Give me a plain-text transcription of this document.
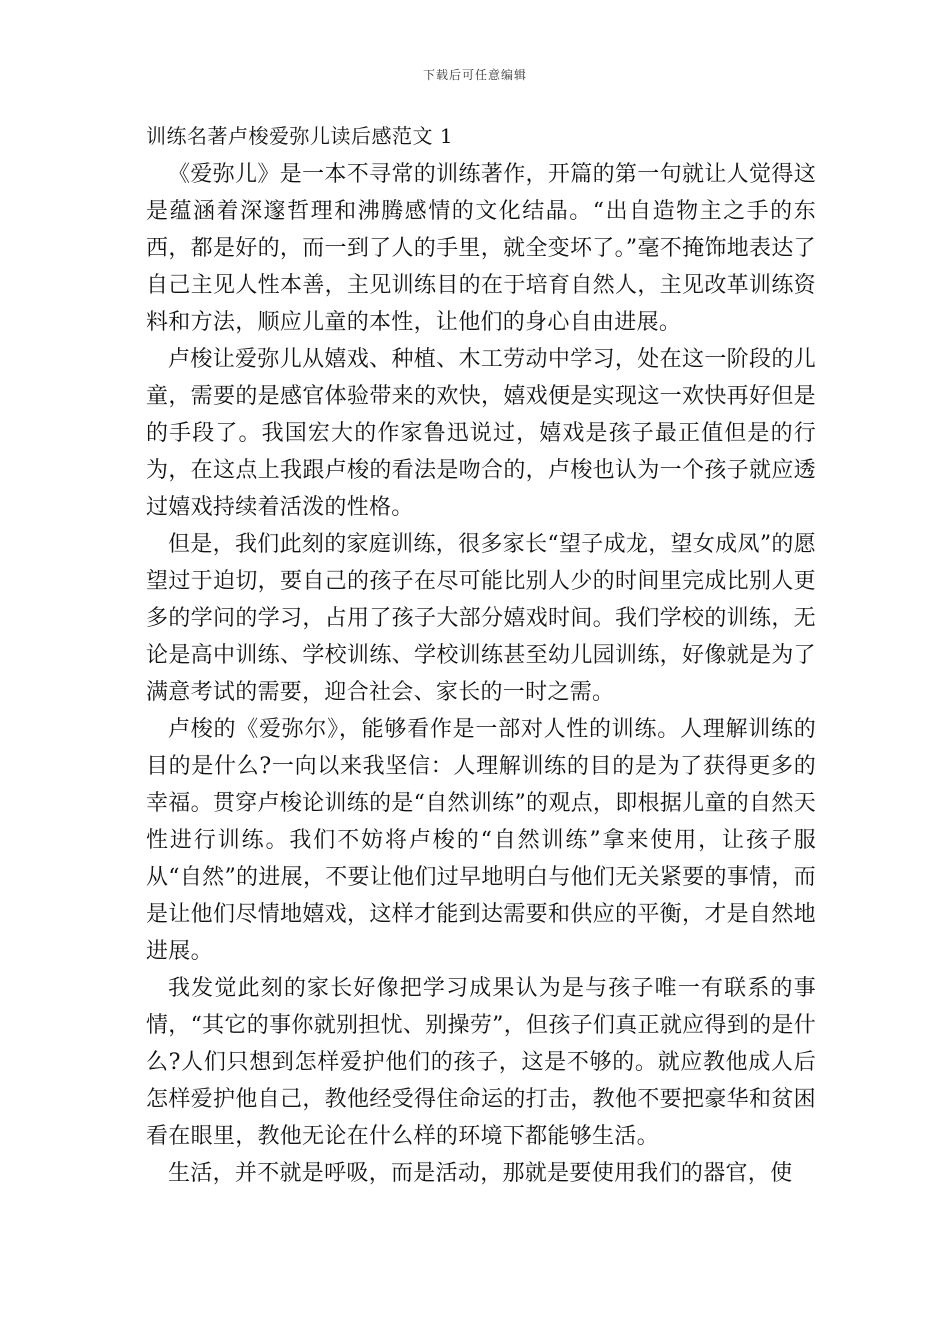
下载后可任意编辑
训练名著卢梭爱弥儿读后感范文 1

《爱弥儿》是一本不寻常的训练著作，开篇的第一句就让人觉得这是蕴涵着深邃哲理和沸腾感情的文化结晶。“出自造物主之手的东西，都是好的，而一到了人的手里，就全变坏了。”毫不掩饰地表达了自己主见人性本善，主见训练目的在于培育自然人，主见改革训练资料和方法，顺应儿童的本性，让他们的身心自由进展。

卢梭让爱弥儿从嬉戏、种植、木工劳动中学习，处在这一阶段的儿童，需要的是感官体验带来的欢快，嬉戏便是实现这一欢快再好但是的手段了。我国宏大的作家鲁迅说过，嬉戏是孩子最正值但是的行为，在这点上我跟卢梭的看法是吻合的，卢梭也认为一个孩子就应透过嬉戏持续着活泼的性格。

但是，我们此刻的家庭训练，很多家长“望子成龙，望女成凤”的愿望过于迫切，要自己的孩子在尽可能比别人少的时间里完成比别人更多的学问的学习，占用了孩子大部分嬉戏时间。我们学校的训练，无论是高中训练、学校训练、学校训练甚至幼儿园训练，好像就是为了满意考试的需要，迎合社会、家长的一时之需。

卢梭的《爱弥尔》，能够看作是一部对人性的训练。人理解训练的目的是什么?一向以来我坚信：人理解训练的目的是为了获得更多的幸福。贯穿卢梭论训练的是“自然训练”的观点，即根据儿童的自然天性进行训练。我们不妨将卢梭的“自然训练”拿来使用，让孩子服从“自然”的进展，不要让他们过早地明白与他们无关紧要的事情，而是让他们尽情地嬉戏，这样才能到达需要和供应的平衡，才是自然地进展。

我发觉此刻的家长好像把学习成果认为是与孩子唯一有联系的事情，“其它的事你就别担忧、别操劳”，但孩子们真正就应得到的是什么?人们只想到怎样爱护他们的孩子，这是不够的。就应教他成人后怎样爱护他自己，教他经受得住命运的打击，教他不要把豪华和贫困看在眼里，教他无论在什么样的环境下都能够生活。

生活，并不就是呼吸，而是活动，那就是要使用我们的器官，使
